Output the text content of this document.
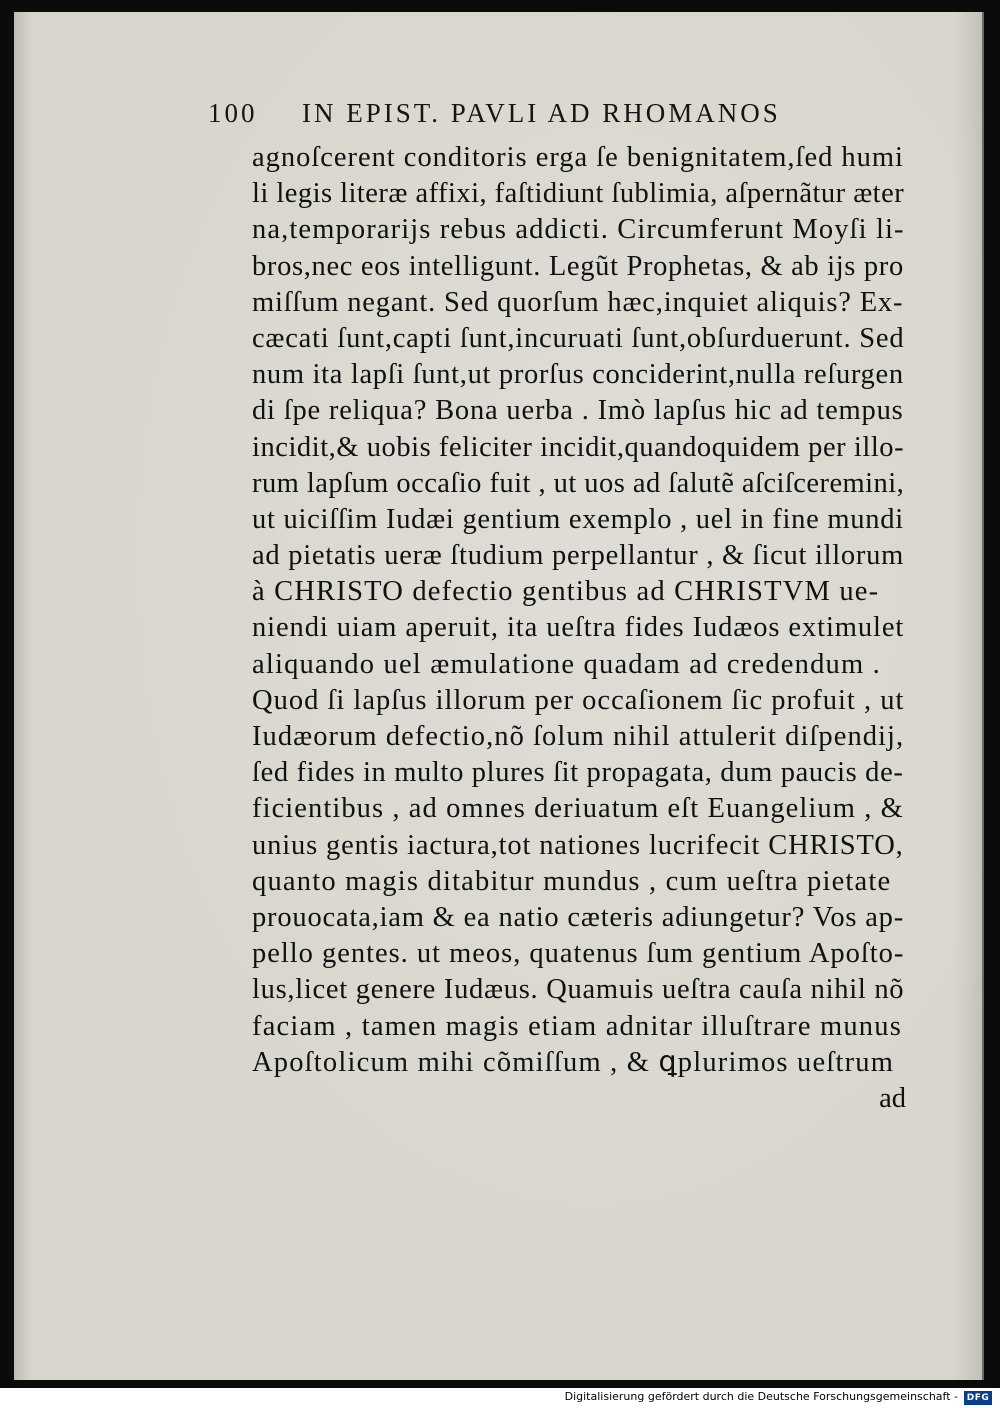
100 IN EPIST. PAVLI AD RHOMANOS
agnoſcerent conditoris erga ſe benignitatem,ſed humi
li legis literæ affixi, faſtidiunt ſublimia, aſpernãtur æter
na,temporarijs rebus addicti. Circumferunt Moyſi li-
bros,nec eos intelligunt. Legũt Prophetas, & ab ijs pro
miſſum negant. Sed quorſum hæc,inquiet aliquis? Ex-
cæcati ſunt,capti ſunt,incuruati ſunt,obſurduerunt. Sed
num ita lapſi ſunt,ut prorſus conciderint,nulla reſurgen
di ſpe reliqua? Bona uerba . Imò lapſus hic ad tempus
incidit,& uobis feliciter incidit,quandoquidem per illo-
rum lapſum occaſio fuit , ut uos ad ſalutẽ aſciſceremini,
ut uiciſſim Iudæi gentium exemplo , uel in fine mundi
ad pietatis ueræ ſtudium perpellantur , & ſicut illorum
à CHRISTO defectio gentibus ad CHRISTVM ue-
niendi uiam aperuit, ita ueſtra fides Iudæos extimulet
aliquando uel æmulatione quadam ad credendum .
Quod ſi lapſus illorum per occaſionem ſic profuit , ut
Iudæorum defectio,nõ ſolum nihil attulerit diſpendij,
ſed fides in multo plures ſit propagata, dum paucis de-
ficientibus , ad omnes deriuatum eſt Euangelium , &
unius gentis iactura,tot nationes lucrifecit CHRISTO,
quanto magis ditabitur mundus , cum ueſtra pietate
prouocata,iam & ea natio cæteris adiungetur? Vos ap-
pello gentes. ut meos, quatenus ſum gentium Apoſto-
lus,licet genere Iudæus. Quamuis ueſtra cauſa nihil nõ
faciam , tamen magis etiam adnitar illuſtrare munus
Apoſtolicum mihi cõmiſſum , & ꝗplurimos ueſtrum
ad
Digitalisierung gefördert durch die Deutsche Forschungsgemeinschaft - DFG
